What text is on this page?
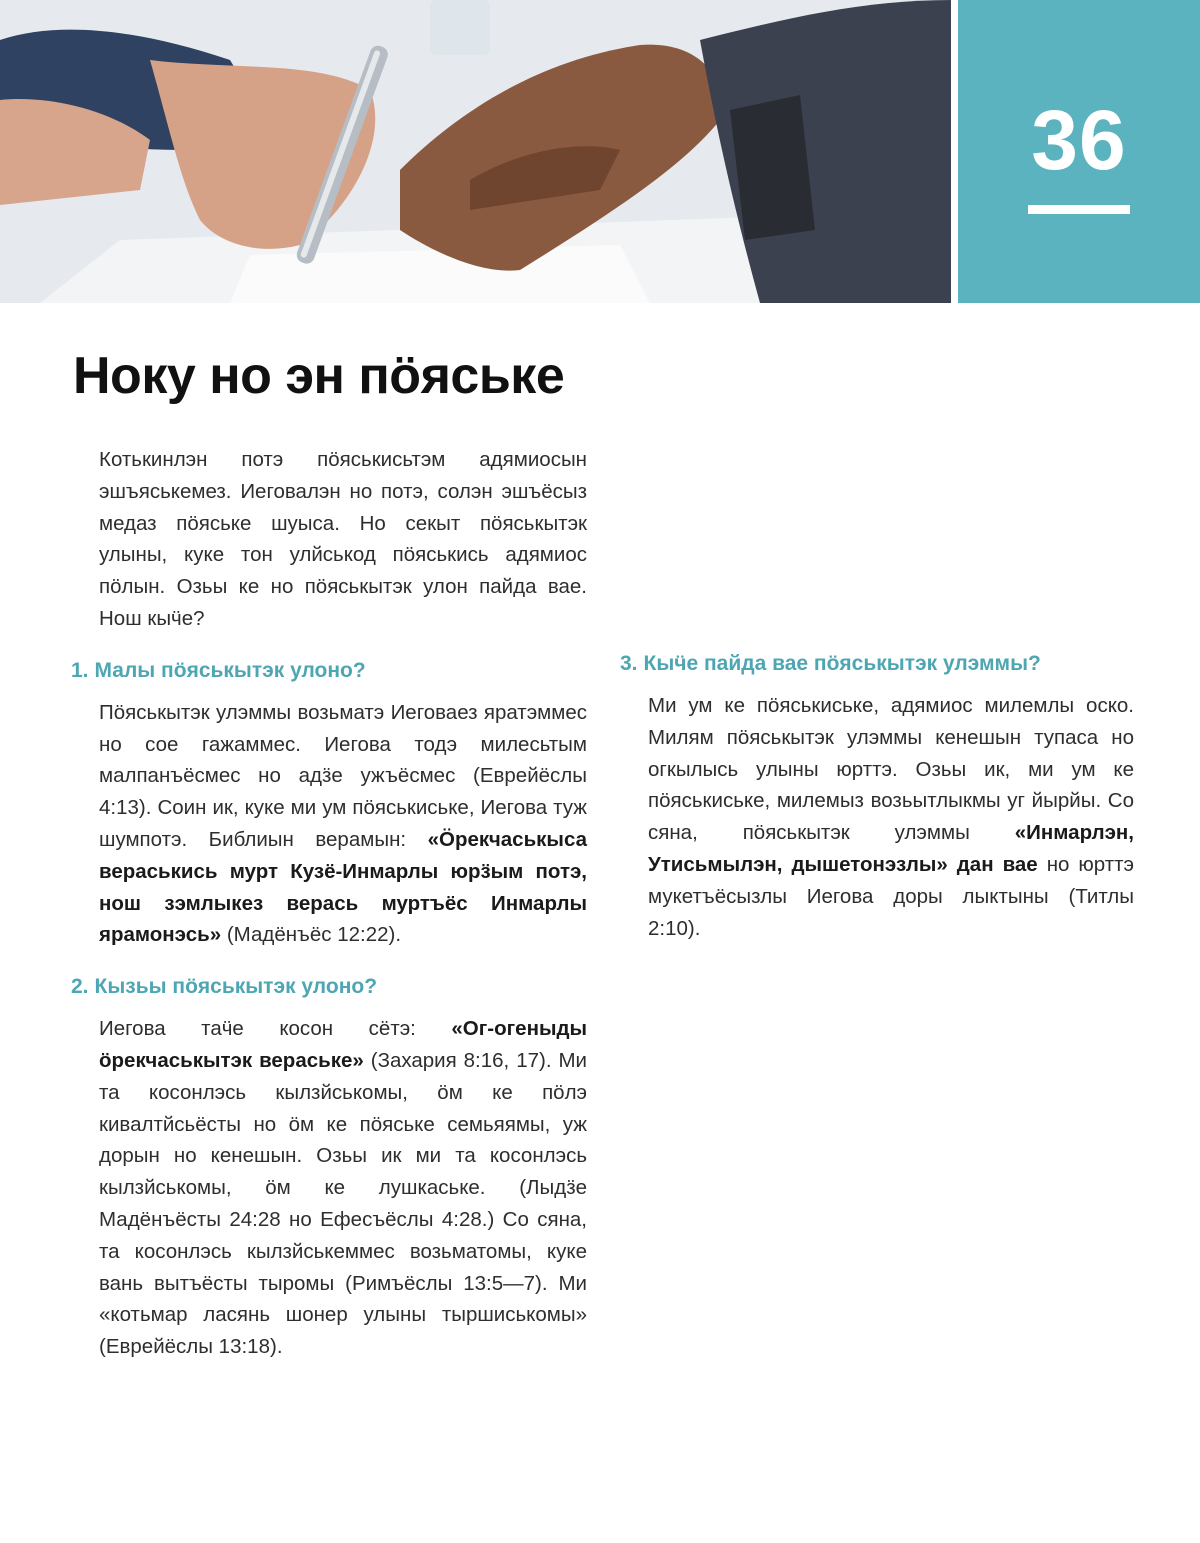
36
Ноку но эн пӧяське

Котькинлэн потэ пӧяськисьтэм адямиосын эшъяськемез. Иеговалэн но потэ, солэн эшъёсыз медаз пӧяське шуыса. Но секыт пӧяськытэк улыны, куке тон улйськод пӧяськись адямиос пӧлын. Озьы ке но пӧяськытэк улон пайда вае. Нош кыӵе?

1. Малы пӧяськытэк улоно?

Пӧяськытэк улэммы возьматэ Иеговаез яратэммес но сое гажаммес. Иегова тодэ милесьтым малпанъёсмес но адӟе ужъёсмес (Еврейёслы 4:13). Соин ик, куке ми ум пӧяськиське, Иегова туж шумпотэ. Библиын верамын: «Ӧрекчаськыса вераськись мурт Кузё-Инмарлы юрӟым потэ, нош зэмлыкез верась муртъёс Инмарлы ярамонэсь» (Мадёнъёс 12:22).

2. Кызьы пӧяськытэк улоно?

Иегова таӵе косон сётэ: «Ог-огеныды ӧрекчаськытэк вераське» (Захария 8:16, 17). Ми та косонлэсь кылзйськомы, ӧм ке пӧлэ кивалтйсьёсты но ӧм ке пӧяське семьяямы, уж дорын но кенешын. Озьы ик ми та косонлэсь кылзйськомы, ӧм ке лушкаське. (Лыдӟе Мадёнъёсты 24:28 но Ефесъёслы 4:28.) Со сяна, та косонлэсь кылзйськеммес возьматомы, куке вань вытъёсты тыромы (Римъёслы 13:5—7). Ми «котьмар ласянь шонер улыны тыршиськомы» (Еврейёслы 13:18).

3. Кыӵе пайда вае пӧяськытэк улэммы?

Ми ум ке пӧяськиське, адямиос милемлы оско. Милям пӧяськытэк улэммы кенешын тупаса но огкылысь улыны юрттэ. Озьы ик, ми ум ке пӧяськиське, милемыз возьытлыкмы уг йырйы. Со сяна, пӧяськытэк улэммы «Инмарлэн, Утисьмылэн, дышетонэзлы» дан вае но юрттэ мукетъёсызлы Иегова доры лыктыны (Титлы 2:10).
